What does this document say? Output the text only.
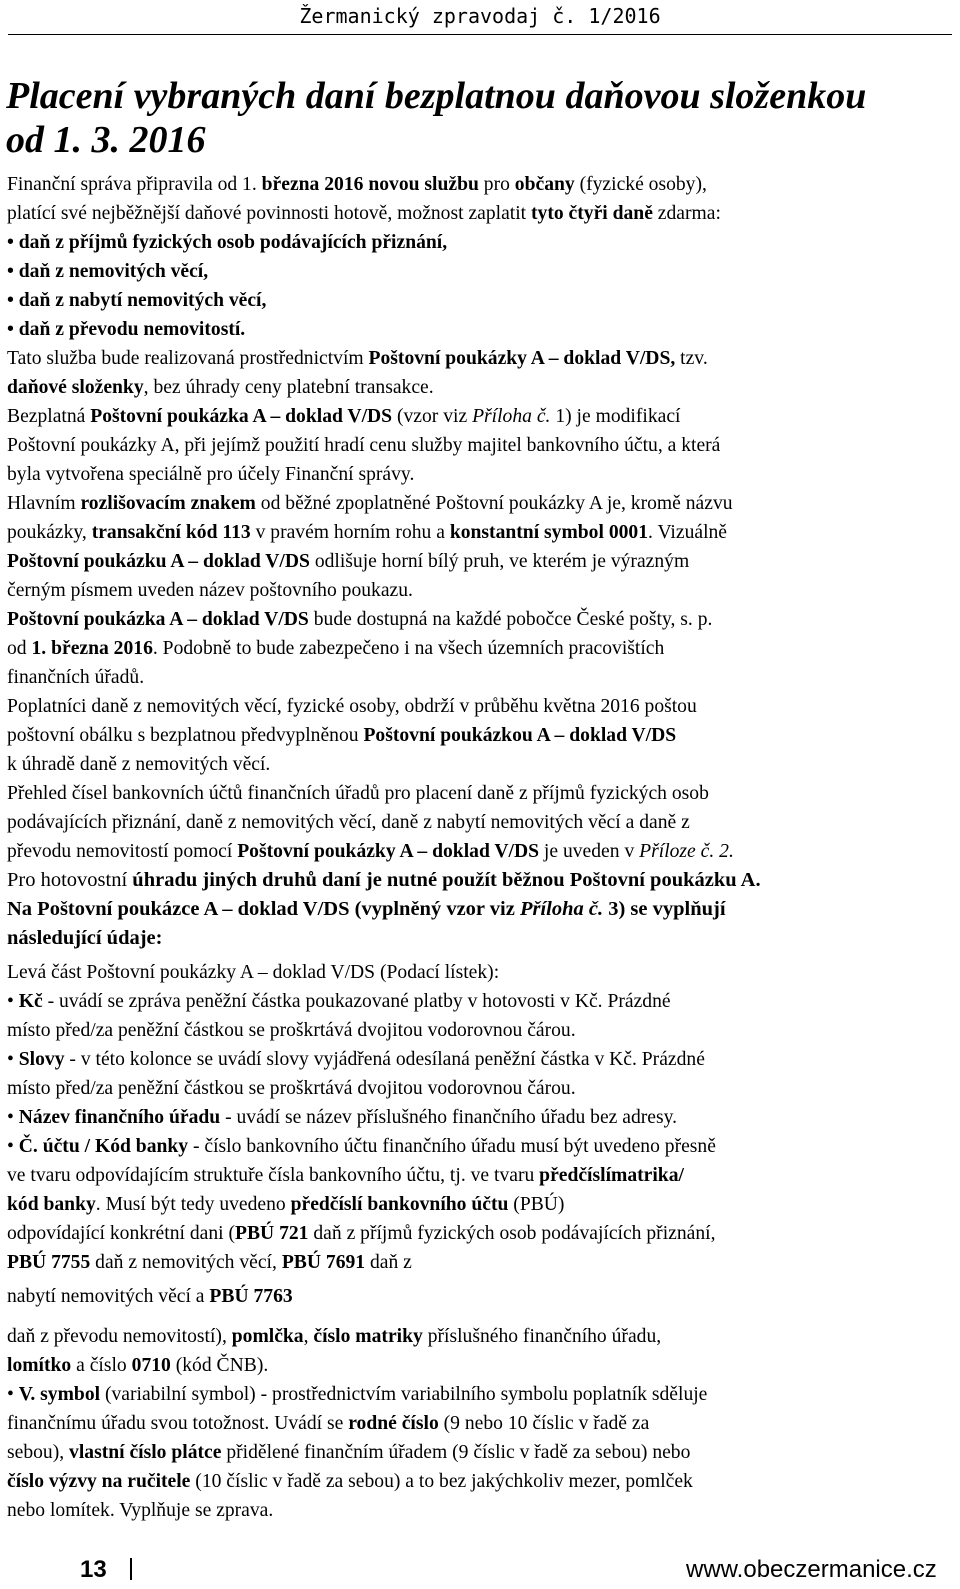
Žermanický zpravodaj č. 1/2016
Placení vybraných daní bezplatnou daňovou složenkou
od 1. 3. 2016

Finanční správa připravila od 1. března 2016 novou službu pro občany (fyzické osoby),

platící své nejběžnější daňové povinnosti hotově, možnost zaplatit tyto čtyři daně zdarma:

• daň z příjmů fyzických osob podávajících přiznání,

• daň z nemovitých věcí,

• daň z nabytí nemovitých věcí,

• daň z převodu nemovitostí.

Tato služba bude realizovaná prostřednictvím Poštovní poukázky A – doklad V/DS, tzv.

daňové složenky, bez úhrady ceny platební transakce.

Bezplatná Poštovní poukázka A – doklad V/DS (vzor viz Příloha č. 1) je modifikací

Poštovní poukázky A, při jejímž použití hradí cenu služby majitel bankovního účtu, a která

byla vytvořena speciálně pro účely Finanční správy.

Hlavním rozlišovacím znakem od běžné zpoplatněné Poštovní poukázky A je, kromě názvu

poukázky, transakční kód 113 v pravém horním rohu a konstantní symbol 0001. Vizuálně

Poštovní poukázku A – doklad V/DS odlišuje horní bílý pruh, ve kterém je výrazným

černým písmem uveden název poštovního poukazu.

Poštovní poukázka A – doklad V/DS bude dostupná na každé pobočce České pošty, s. p.

od 1. března 2016. Podobně to bude zabezpečeno i na všech územních pracovištích

finančních úřadů.

Poplatníci daně z nemovitých věcí, fyzické osoby, obdrží v průběhu května 2016 poštou

poštovní obálku s bezplatnou předvyplněnou Poštovní poukázkou A – doklad V/DS

k úhradě daně z nemovitých věcí.

Přehled čísel bankovních účtů finančních úřadů pro placení daně z příjmů fyzických osob

podávajících přiznání, daně z nemovitých věcí, daně z nabytí nemovitých věcí a daně z

převodu nemovitostí pomocí Poštovní poukázky A – doklad V/DS je uveden v Příloze č. 2.

Pro hotovostní úhradu jiných druhů daní je nutné použít běžnou Poštovní poukázku A.

Na Poštovní poukázce A – doklad V/DS (vyplněný vzor viz Příloha č. 3) se vyplňují

následující údaje:

Levá část Poštovní poukázky A – doklad V/DS (Podací lístek):

• Kč - uvádí se zpráva peněžní částka poukazované platby v hotovosti v Kč. Prázdné

místo před/za peněžní částkou se proškrtává dvojitou vodorovnou čárou.

• Slovy - v této kolonce se uvádí slovy vyjádřená odesílaná peněžní částka v Kč. Prázdné

místo před/za peněžní částkou se proškrtává dvojitou vodorovnou čárou.

• Název finančního úřadu - uvádí se název příslušného finančního úřadu bez adresy.

• Č. účtu / Kód banky - číslo bankovního účtu finančního úřadu musí být uvedeno přesně

ve tvaru odpovídajícím struktuře čísla bankovního účtu, tj. ve tvaru předčíslímatrika/

kód banky. Musí být tedy uvedeno předčíslí bankovního účtu (PBÚ)

odpovídající konkrétní dani (PBÚ 721 daň z příjmů fyzických osob podávajících přiznání,

PBÚ 7755 daň z nemovitých věcí, PBÚ 7691 daň z

nabytí nemovitých věcí a PBÚ 7763

daň z převodu nemovitostí), pomlčka, číslo matriky příslušného finančního úřadu,

lomítko a číslo 0710 (kód ČNB).

• V. symbol (variabilní symbol) - prostřednictvím variabilního symbolu poplatník sděluje

finančnímu úřadu svou totožnost. Uvádí se rodné číslo (9 nebo 10 číslic v řadě za

sebou), vlastní číslo plátce přidělené finančním úřadem (9 číslic v řadě za sebou) nebo

číslo výzvy na ručitele (10 číslic v řadě za sebou) a to bez jakýchkoliv mezer, pomlček

nebo lomítek. Vyplňuje se zprava.

13	www.obeczermanice.cz
